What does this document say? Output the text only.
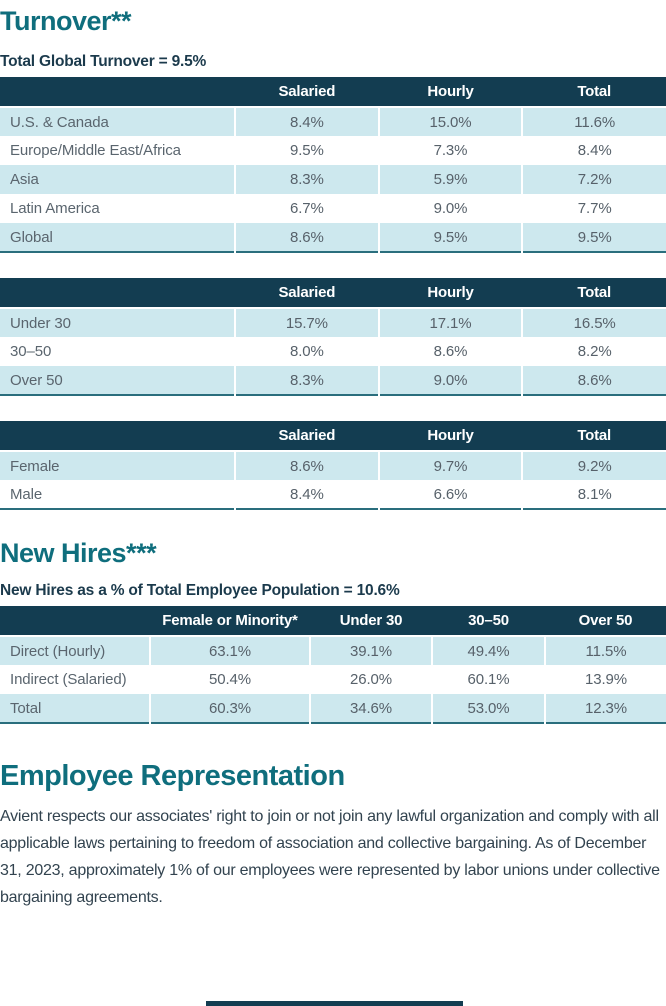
Turnover**

Total Global Turnover = 9.5%

	Salaried	Hourly	Total
U.S. & Canada	8.4%	15.0%	11.6%
Europe/Middle East/Africa	9.5%	7.3%	8.4%
Asia	8.3%	5.9%	7.2%
Latin America	6.7%	9.0%	7.7%
Global	8.6%	9.5%	9.5%
	Salaried	Hourly	Total
Under 30	15.7%	17.1%	16.5%
30–50	8.0%	8.6%	8.2%
Over 50	8.3%	9.0%	8.6%
	Salaried	Hourly	Total
Female	8.6%	9.7%	9.2%
Male	8.4%	6.6%	8.1%
New Hires***

New Hires as a % of Total Employee Population = 10.6%

	Female or Minority*	Under 30	30–50	Over 50
Direct (Hourly)	63.1%	39.1%	49.4%	11.5%
Indirect (Salaried)	50.4%	26.0%	60.1%	13.9%
Total	60.3%	34.6%	53.0%	12.3%
Employee Representation

Avient respects our associates' right to join or not join any lawful organization and comply with all applicable laws pertaining to freedom of association and collective bargaining. As of December 31, 2023, approximately 1% of our employees were represented by labor unions under collective bargaining agreements.
